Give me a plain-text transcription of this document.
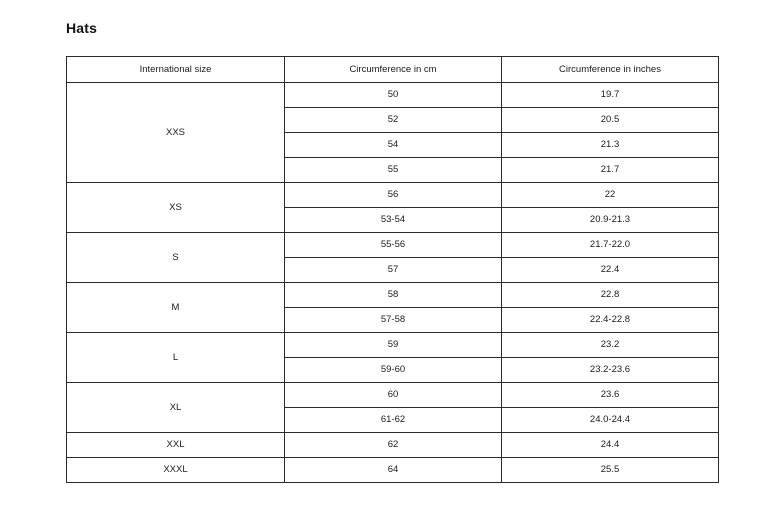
Hats
International size	Circumference in cm	Circumference in inches
XXS	50	19.7
	52	20.5
	54	21.3
	55	21.7
XS	56	22
	53-54	20.9-21.3
S	55-56	21.7-22.0
	57	22.4
M	58	22.8
	57-58	22.4-22.8
L	59	23.2
	59-60	23.2-23.6
XL	60	23.6
	61-62	24.0-24.4
XXL	62	24.4
XXXL	64	25.5
